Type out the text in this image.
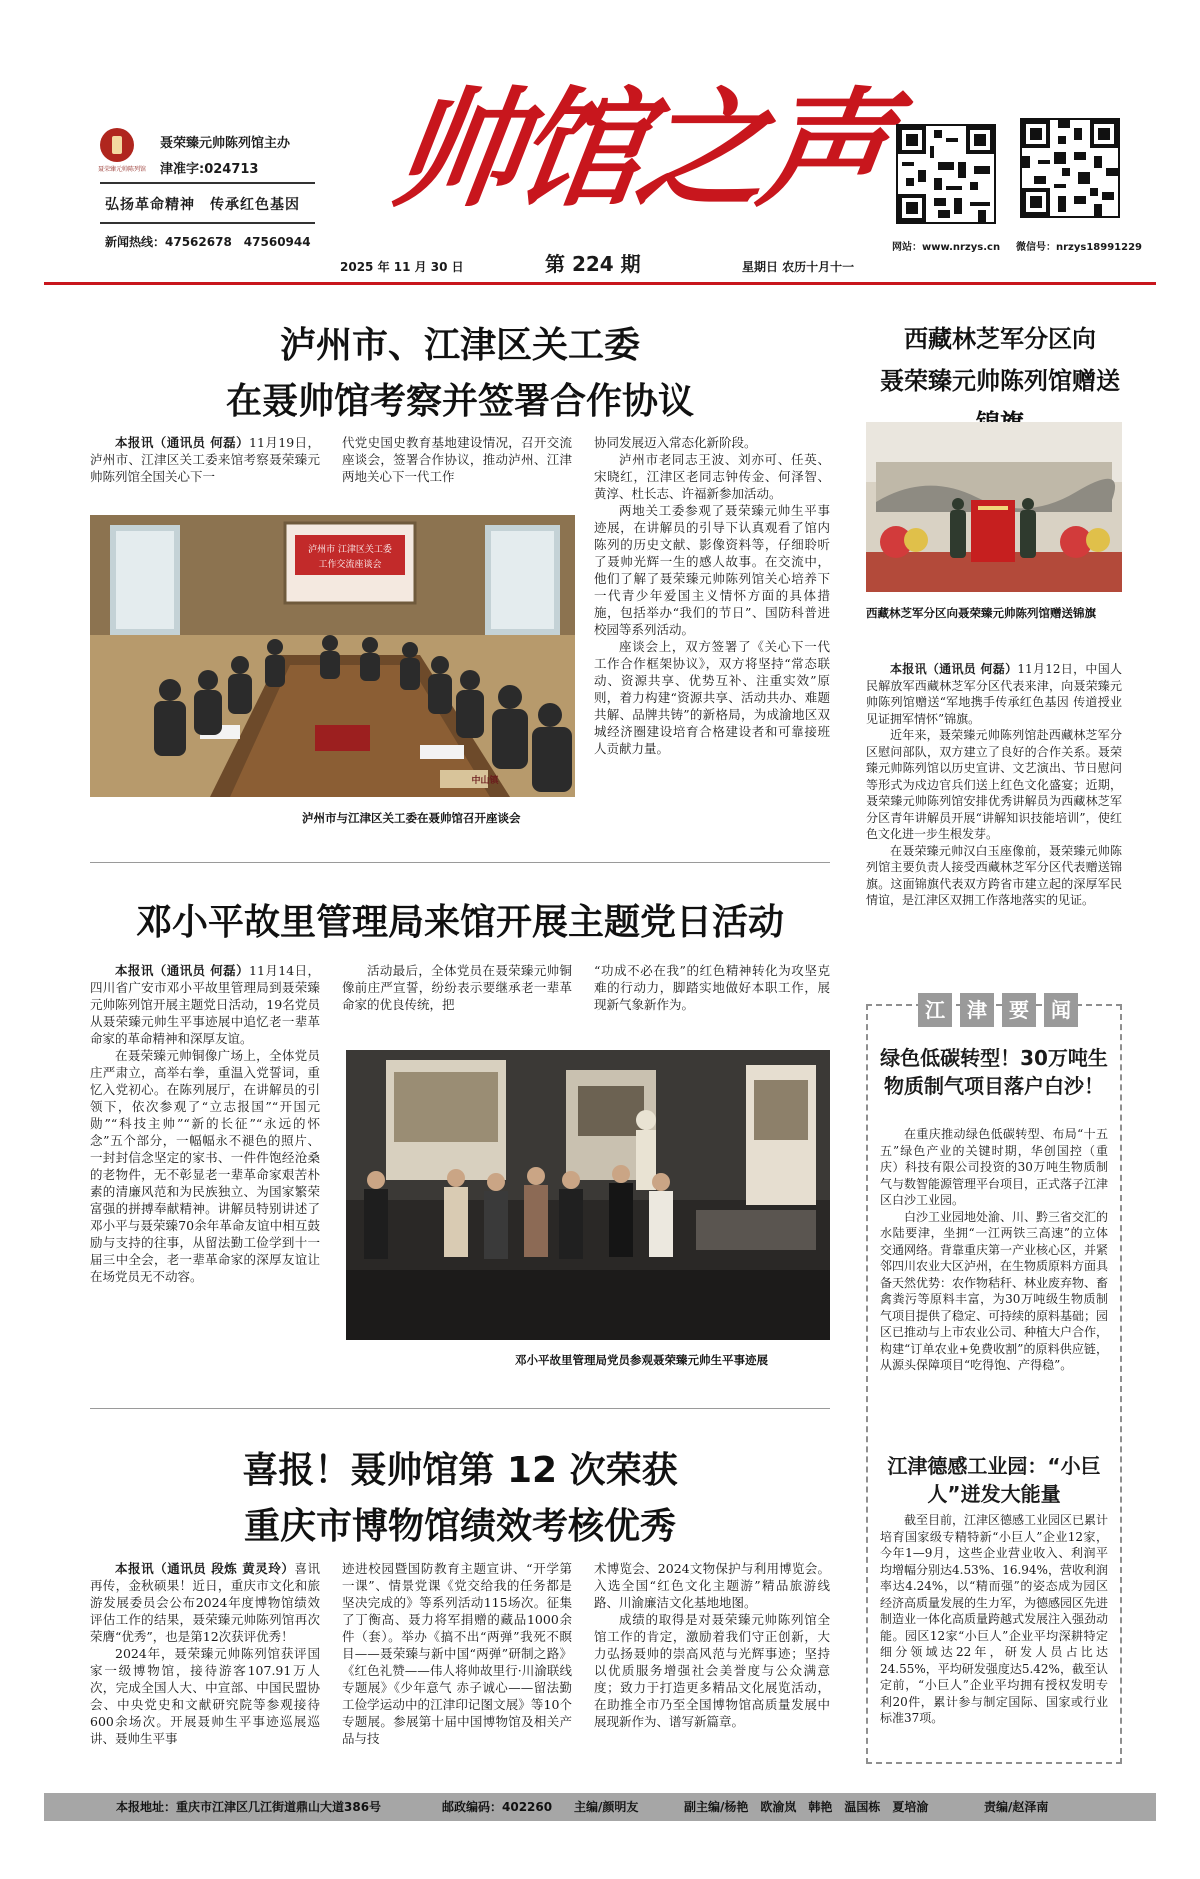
聂荣臻元帅陈列馆
聂荣臻元帅陈列馆主办
津准字:024713
弘扬革命精神　传承红色基因
新闻热线：47562678　47560944
帅馆之声
2025 年 11 月 30 日	第 224 期	星期日 农历十月十一
网站：www.nrzys.cn 微信号：nrzys18991229
泸州市、江津区关工委
在聂帅馆考察并签署合作协议

本报讯（通讯员 何磊）11月19日，泸州市、江津区关工委来馆考察聂荣臻元帅陈列馆全国关心下一

代党史国史教育基地建设情况，召开交流座谈会，签署合作协议，推动泸州、江津两地关心下一代工作

协同发展迈入常态化新阶段。

泸州市老同志王波、刘亦可、任英、宋晓红，江津区老同志钟传金、何泽智、黄淳、杜长志、许福新参加活动。

两地关工委参观了聂荣臻元帅生平事迹展，在讲解员的引导下认真观看了馆内陈列的历史文献、影像资料等，仔细聆听了聂帅光辉一生的感人故事。在交流中，他们了解了聂荣臻元帅陈列馆关心培养下一代青少年爱国主义情怀方面的具体措施，包括举办“我们的节日”、国防科普进校园等系列活动。

座谈会上，双方签署了《关心下一代工作合作框架协议》，双方将坚持“常态联动、资源共享、优势互补、注重实效”原则，着力构建“资源共享、活动共办、难题共解、品牌共铸”的新格局，为成渝地区双城经济圈建设培育合格建设者和可靠接班人贡献力量。

泸州市 江津区关工委
工作交流座谈会
中山镇
泸州市与江津区关工委在聂帅馆召开座谈会
西藏林芝军分区向
聂荣臻元帅陈列馆赠送
西藏林芝军分区向聂荣臻元帅陈列馆赠送锦旗

本报讯（通讯员 何磊）11月12日，中国人民解放军西藏林芝军分区代表来津，向聂荣臻元帅陈列馆赠送“军地携手传承红色基因 传道授业见证拥军情怀”锦旗。

近年来，聂荣臻元帅陈列馆赴西藏林芝军分区慰问部队，双方建立了良好的合作关系。聂荣臻元帅陈列馆以历史宣讲、文艺演出、节日慰问等形式为戍边官兵们送上红色文化盛宴；近期，聂荣臻元帅陈列馆安排优秀讲解员为西藏林芝军分区青年讲解员开展“讲解知识技能培训”，使红色文化进一步生根发芽。

在聂荣臻元帅汉白玉座像前，聂荣臻元帅陈列馆主要负责人接受西藏林芝军分区代表赠送锦旗。这面锦旗代表双方跨省市建立起的深厚军民情谊，是江津区双拥工作落地落实的见证。

邓小平故里管理局来馆开展主题党日活动

本报讯（通讯员 何磊）11月14日，四川省广安市邓小平故里管理局到聂荣臻元帅陈列馆开展主题党日活动，19名党员从聂荣臻元帅生平事迹展中追忆老一辈革命家的革命精神和深厚友谊。

在聂荣臻元帅铜像广场上，全体党员庄严肃立，高举右拳，重温入党誓词，重忆入党初心。在陈列展厅，在讲解员的引领下，依次参观了“立志报国”“开国元勋”“科技主帅”“新的长征”“永远的怀念”五个部分，一幅幅永不褪色的照片、一封封信念坚定的家书、一件件饱经沧桑的老物件，无不彰显老一辈革命家艰苦朴素的清廉风范和为民族独立、为国家繁荣富强的拼搏奉献精神。讲解员特别讲述了邓小平与聂荣臻70余年革命友谊中相互鼓励与支持的往事，从留法勤工俭学到十一届三中全会，老一辈革命家的深厚友谊让在场党员无不动容。

活动最后，全体党员在聂荣臻元帅铜像前庄严宣誓，纷纷表示要继承老一辈革命家的优良传统，把

“功成不必在我”的红色精神转化为攻坚克难的行动力，脚踏实地做好本职工作，展现新气象新作为。

邓小平故里管理局党员参观聂荣臻元帅生平事迹展
喜报！聂帅馆第 12 次荣获
重庆市博物馆绩效考核优秀

本报讯（通讯员 段炼 黄灵玲）喜讯再传，金秋硕果！近日，重庆市文化和旅游发展委员会公布2024年度博物馆绩效评估工作的结果，聂荣臻元帅陈列馆再次荣膺“优秀”，也是第12次获评优秀！

2024年，聂荣臻元帅陈列馆获评国家一级博物馆，接待游客107.91万人次，完成全国人大、中宣部、中国民盟协会、中央党史和文献研究院等参观接待600余场次。开展聂帅生平事迹巡展巡讲、聂帅生平事

迹进校园暨国防教育主题宣讲、“开学第一课”、情景党课《党交给我的任务都是坚决完成的》等系列活动115场次。征集了丁衡高、聂力将军捐赠的藏品1000余件（套）。举办《搞不出“两弹”我死不瞑目——聂荣臻与新中国“两弹”研制之路》《红色礼赞——伟人将帅故里行·川渝联线专题展》《少年意气 赤子诚心——留法勤工俭学运动中的江津印记图文展》等10个专题展。参展第十届中国博物馆及相关产品与技

术博览会、2024文物保护与利用博览会。入选全国“红色文化主题游”精品旅游线路、川渝廉洁文化基地地图。

成绩的取得是对聂荣臻元帅陈列馆全馆工作的肯定，激励着我们守正创新，大力弘扬聂帅的崇高风范与光辉事迹；坚持以优质服务增强社会美誉度与公众满意度；致力于打造更多精品文化展览活动，在助推全市乃至全国博物馆高质量发展中展现新作为、谱写新篇章。

江	津	要	闻
绿色低碳转型！30万吨生物质制气项目落户白沙！

在重庆推动绿色低碳转型、布局“十五五”绿色产业的关键时期，华创国控（重庆）科技有限公司投资的30万吨生物质制气与数智能源管理平台项目，正式落子江津区白沙工业园。

白沙工业园地处渝、川、黔三省交汇的水陆要津，坐拥“一江两铁三高速”的立体交通网络。背靠重庆第一产业核心区，并紧邻四川农业大区泸州，在生物质原料方面具备天然优势：农作物秸秆、林业废弃物、畜禽粪污等原料丰富，为30万吨级生物质制气项目提供了稳定、可持续的原料基础；园区已推动与上市农业公司、种植大户合作，构建“订单农业+免费收割”的原料供应链，从源头保障项目“吃得饱、产得稳”。

江津德感工业园：“小巨人”迸发大能量

截至目前，江津区德感工业园区已累计培育国家级专精特新“小巨人”企业12家，今年1—9月，这些企业营业收入、利润平均增幅分别达4.53%、16.94%，营收利润率达4.24%，以“精而强”的姿态成为园区经济高质量发展的生力军，为德感园区先进制造业一体化高质量跨越式发展注入强劲动能。园区12家“小巨人”企业平均深耕特定细分领域达22年，研发人员占比达24.55%，平均研发强度达5.42%，截至认定前，“小巨人”企业平均拥有授权发明专利20件，累计参与制定国际、国家或行业标准37项。

本报地址：重庆市江津区几江街道鼎山大道386号	邮政编码：402260 主编/颜明友	副主编/杨艳　欧渝岚　韩艳　温国栋　夏培渝	责编/赵泽南
